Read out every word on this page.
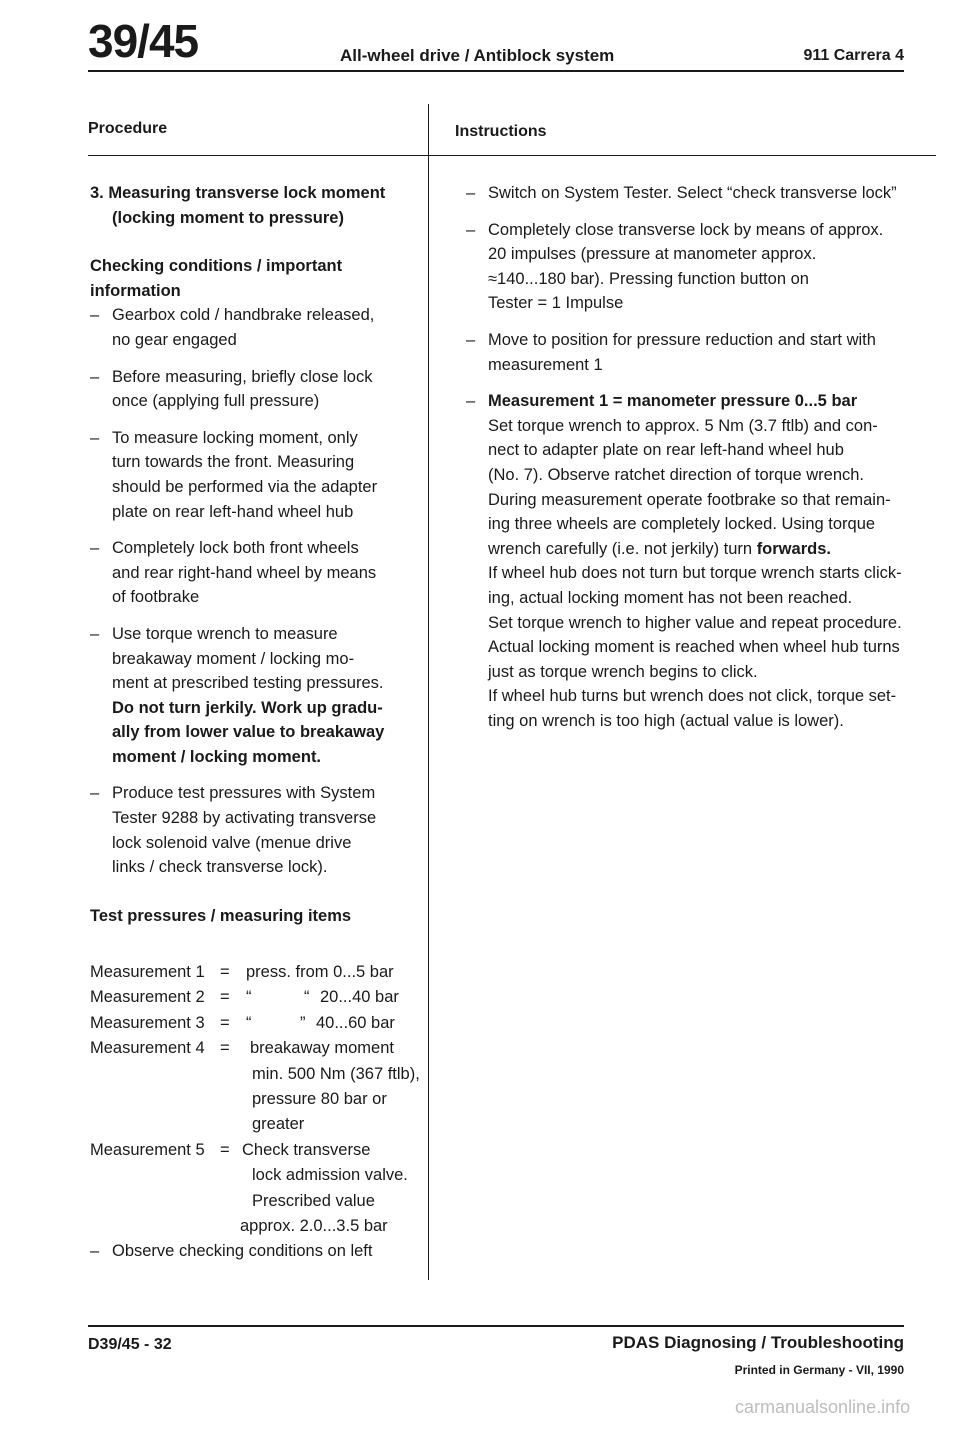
39/45	All-wheel drive / Antiblock system	911 Carrera 4
Procedure	Instructions
3. Measuring transverse lock moment
(locking moment to pressure)
Checking conditions / important
information
– Gearbox cold / handbrake released,
no gear engaged
– Before measuring, briefly close lock
once (applying full pressure)
– To measure locking moment, only
turn towards the front. Measuring
should be performed via the adapter
plate on rear left-hand wheel hub
– Completely lock both front wheels
and rear right-hand wheel by means
of footbrake
– Use torque wrench to measure
breakaway moment / locking mo-
ment at prescribed testing pressures.
Do not turn jerkily. Work up gradu-
ally from lower value to breakaway
moment / locking moment.
– Produce test pressures with System
Tester 9288 by activating transverse
lock solenoid valve (menue drive
links / check transverse lock).
Test pressures / measuring items
Measurement 1 = press. from 0...5 bar
Measurement 2 = “	“ 20...40 bar
Measurement 3 = “	” 40...60 bar
Measurement 4 = breakaway moment
min. 500 Nm (367 ftlb),
pressure 80 bar or
greater
Measurement 5 = Check transverse
lock admission valve.
Prescribed value
approx. 2.0...3.5 bar
– Observe checking conditions on left
– Switch on System Tester. Select “check transverse lock”
– Completely close transverse lock by means of approx.
20 impulses (pressure at manometer approx.
≈140...180 bar). Pressing function button on
Tester = 1 Impulse
– Move to position for pressure reduction and start with
measurement 1
– Measurement 1 = manometer pressure 0...5 bar
Set torque wrench to approx. 5 Nm (3.7 ftlb) and con-
nect to adapter plate on rear left-hand wheel hub
(No. 7). Observe ratchet direction of torque wrench.
During measurement operate footbrake so that remain-
ing three wheels are completely locked. Using torque
wrench carefully (i.e. not jerkily) turn forwards.
If wheel hub does not turn but torque wrench starts click-
ing, actual locking moment has not been reached.
Set torque wrench to higher value and repeat procedure.
Actual locking moment is reached when wheel hub turns
just as torque wrench begins to click.
If wheel hub turns but wrench does not click, torque set-
ting on wrench is too high (actual value is lower).
D39/45 - 32	PDAS Diagnosing / Troubleshooting
Printed in Germany - VII, 1990
carmanualsonline.info
